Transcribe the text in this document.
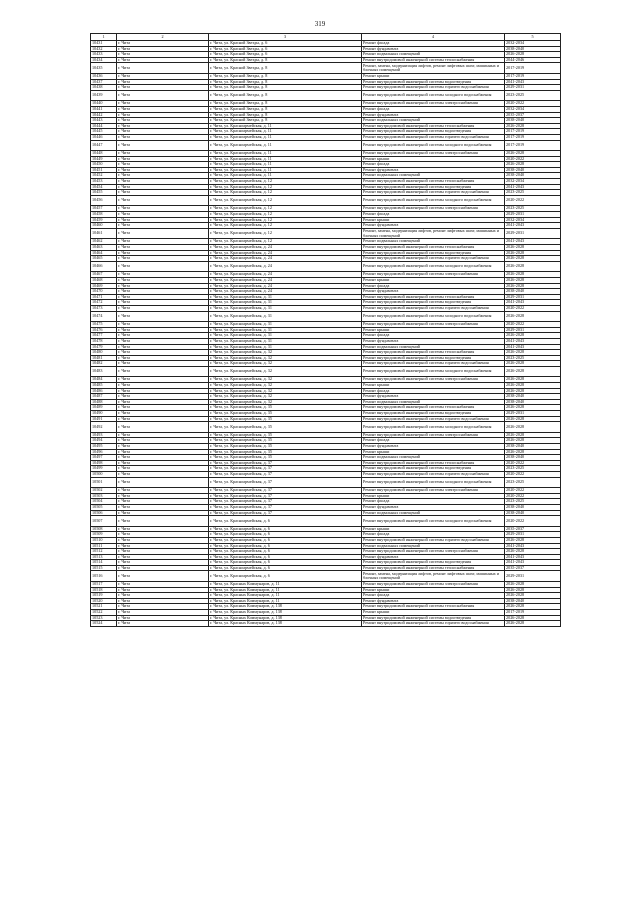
319
1	2	3	4	5
10431	г. Чита	г. Чита, ул. Красной Звезды, д. 6	Ремонт фасада	2032-2034
10432	г. Чита	г. Чита, ул. Красной Звезды, д. 6	Ремонт фундамента	2038-2040
10433	г. Чита	г. Чита, ул. Красной Звезды, д. 6	Ремонт подвальных помещений	2026-2028
10434	г. Чита	г. Чита, ул. Красной Звезды, д. 8	Ремонт внутридомовой инженерной системы теплоснабжения	2044-2046
10435	г. Чита	г. Чита, ул. Красной Звезды, д. 8	Ремонт, замена, модернизация лифтов, ремонт лифтовых шахт, машинных и блочных помещений	2017-2019
10436	г. Чита	г. Чита, ул. Красной Звезды, д. 8	Ремонт крыши	2017-2019
10437	г. Чита	г. Чита, ул. Красной Звезды, д. 8	Ремонт внутридомовой инженерной системы водоотведения	2041-2043
10438	г. Чита	г. Чита, ул. Красной Звезды, д. 8	Ремонт внутридомовой инженерной системы горячего водоснабжения	2029-2031
10439	г. Чита	г. Чита, ул. Красной Звезды, д. 8	Ремонт внутридомовой инженерной системы холодного водоснабжения	2023-2025
10440	г. Чита	г. Чита, ул. Красной Звезды, д. 8	Ремонт внутридомовой инженерной системы электроснабжения	2020-2022
10441	г. Чита	г. Чита, ул. Красной Звезды, д. 8	Ремонт фасада	2032-2034
10442	г. Чита	г. Чита, ул. Красной Звезды, д. 8	Ремонт фундамента	2035-2037
10443	г. Чита	г. Чита, ул. Красной Звезды, д. 8	Ремонт подвальных помещений	2038-2040
10444	г. Чита	г. Чита, ул. Красноармейская, д. 11	Ремонт внутридомовой инженерной системы теплоснабжения	2026-2028
10445	г. Чита	г. Чита, ул. Красноармейская, д. 11	Ремонт внутридомовой инженерной системы водоотведения	2017-2019
10446	г. Чита	г. Чита, ул. Красноармейская, д. 11	Ремонт внутридомовой инженерной системы горячего водоснабжения	2017-2019
10447	г. Чита	г. Чита, ул. Красноармейская, д. 11	Ремонт внутридомовой инженерной системы холодного водоснабжения	2017-2019
10448	г. Чита	г. Чита, ул. Красноармейская, д. 11	Ремонт внутридомовой инженерной системы электроснабжения	2026-2028
10449	г. Чита	г. Чита, ул. Красноармейская, д. 11	Ремонт крыши	2020-2022
10450	г. Чита	г. Чита, ул. Красноармейская, д. 11	Ремонт фасада	2026-2028
10451	г. Чита	г. Чита, ул. Красноармейская, д. 11	Ремонт фундамента	2038-2040
10452	г. Чита	г. Чита, ул. Красноармейская, д. 11	Ремонт подвальных помещений	2038-2040
10453	г. Чита	г. Чита, ул. Красноармейская, д. 12	Ремонт внутридомовой инженерной системы теплоснабжения	2032-2034
10454	г. Чита	г. Чита, ул. Красноармейская, д. 12	Ремонт внутридомовой инженерной системы водоотведения	2041-2043
10455	г. Чита	г. Чита, ул. Красноармейская, д. 12	Ремонт внутридомовой инженерной системы горячего водоснабжения	2023-2025
10456	г. Чита	г. Чита, ул. Красноармейская, д. 12	Ремонт внутридомовой инженерной системы холодного водоснабжения	2020-2022
10457	г. Чита	г. Чита, ул. Красноармейская, д. 12	Ремонт внутридомовой инженерной системы электроснабжения	2023-2025
10458	г. Чита	г. Чита, ул. Красноармейская, д. 12	Ремонт фасада	2029-2031
10459	г. Чита	г. Чита, ул. Красноармейская, д. 12	Ремонт крыши	2032-2034
10460	г. Чита	г. Чита, ул. Красноармейская, д. 12	Ремонт фундамента	2041-2043
10461	г. Чита	г. Чита, ул. Красноармейская, д. 12	Ремонт, замена, модернизация лифтов, ремонт лифтовых шахт, машинных и блочных помещений	2029-2031
10462	г. Чита	г. Чита, ул. Красноармейская, д. 12	Ремонт подвальных помещений	2041-2043
10463	г. Чита	г. Чита, ул. Красноармейская, д. 24	Ремонт внутридомовой инженерной системы теплоснабжения	2026-2028
10464	г. Чита	г. Чита, ул. Красноармейская, д. 24	Ремонт внутридомовой инженерной системы водоотведения	2026-2028
10465	г. Чита	г. Чита, ул. Красноармейская, д. 24	Ремонт внутридомовой инженерной системы горячего водоснабжения	2026-2028
10466	г. Чита	г. Чита, ул. Красноармейская, д. 24	Ремонт внутридомовой инженерной системы холодного водоснабжения	2026-2028
10467	г. Чита	г. Чита, ул. Красноармейская, д. 24	Ремонт внутридомовой инженерной системы электроснабжения	2026-2028
10468	г. Чита	г. Чита, ул. Красноармейская, д. 24	Ремонт крыши	2026-2028
10469	г. Чита	г. Чита, ул. Красноармейская, д. 24	Ремонт фасада	2026-2028
10470	г. Чита	г. Чита, ул. Красноармейская, д. 24	Ремонт фундамента	2038-2040
10471	г. Чита	г. Чита, ул. Красноармейская, д. 31	Ремонт внутридомовой инженерной системы теплоснабжения	2029-2031
10472	г. Чита	г. Чита, ул. Красноармейская, д. 31	Ремонт внутридомовой инженерной системы водоотведения	2041-2043
10473	г. Чита	г. Чита, ул. Красноармейская, д. 31	Ремонт внутридомовой инженерной системы горячего водоснабжения	2020-2022
10474	г. Чита	г. Чита, ул. Красноармейская, д. 31	Ремонт внутридомовой инженерной системы холодного водоснабжения	2026-2028
10475	г. Чита	г. Чита, ул. Красноармейская, д. 31	Ремонт внутридомовой инженерной системы электроснабжения	2020-2022
10476	г. Чита	г. Чита, ул. Красноармейская, д. 31	Ремонт крыши	2029-2031
10477	г. Чита	г. Чита, ул. Красноармейская, д. 31	Ремонт фасада	2026-2028
10478	г. Чита	г. Чита, ул. Красноармейская, д. 31	Ремонт фундамента	2041-2043
10479	г. Чита	г. Чита, ул. Красноармейская, д. 31	Ремонт подвальных помещений	2041-2043
10480	г. Чита	г. Чита, ул. Красноармейская, д. 32	Ремонт внутридомовой инженерной системы теплоснабжения	2026-2028
10481	г. Чита	г. Чита, ул. Красноармейская, д. 32	Ремонт внутридомовой инженерной системы водоотведения	2023-2025
10482	г. Чита	г. Чита, ул. Красноармейская, д. 32	Ремонт внутридомовой инженерной системы горячего водоснабжения	2026-2028
10483	г. Чита	г. Чита, ул. Красноармейская, д. 32	Ремонт внутридомовой инженерной системы холодного водоснабжения	2026-2028
10484	г. Чита	г. Чита, ул. Красноармейская, д. 32	Ремонт внутридомовой инженерной системы электроснабжения	2026-2028
10485	г. Чита	г. Чита, ул. Красноармейская, д. 32	Ремонт крыши	2026-2028
10486	г. Чита	г. Чита, ул. Красноармейская, д. 32	Ремонт фасада	2026-2028
10487	г. Чита	г. Чита, ул. Красноармейская, д. 32	Ремонт фундамента	2038-2040
10488	г. Чита	г. Чита, ул. Красноармейская, д. 32	Ремонт подвальных помещений	2038-2040
10489	г. Чита	г. Чита, ул. Красноармейская, д. 35	Ремонт внутридомовой инженерной системы теплоснабжения	2026-2028
10490	г. Чита	г. Чита, ул. Красноармейская, д. 35	Ремонт внутридомовой инженерной системы водоотведения	2029-2031
10491	г. Чита	г. Чита, ул. Красноармейская, д. 35	Ремонт внутридомовой инженерной системы горячего водоснабжения	2026-2028
10492	г. Чита	г. Чита, ул. Красноармейская, д. 35	Ремонт внутридомовой инженерной системы холодного водоснабжения	2026-2028
10493	г. Чита	г. Чита, ул. Красноармейская, д. 35	Ремонт внутридомовой инженерной системы электроснабжения	2026-2028
10494	г. Чита	г. Чита, ул. Красноармейская, д. 35	Ремонт фасада	2026-2028
10495	г. Чита	г. Чита, ул. Красноармейская, д. 35	Ремонт фундамента	2038-2040
10496	г. Чита	г. Чита, ул. Красноармейская, д. 35	Ремонт крыши	2026-2028
10497	г. Чита	г. Чита, ул. Красноармейская, д. 35	Ремонт подвальных помещений	2038-2040
10498	г. Чита	г. Чита, ул. Красноармейская, д. 37	Ремонт внутридомовой инженерной системы теплоснабжения	2020-2022
10499	г. Чита	г. Чита, ул. Красноармейская, д. 37	Ремонт внутридомовой инженерной системы водоотведения	2023-2025
10500	г. Чита	г. Чита, ул. Красноармейская, д. 37	Ремонт внутридомовой инженерной системы горячего водоснабжения	2020-2022
10501	г. Чита	г. Чита, ул. Красноармейская, д. 37	Ремонт внутридомовой инженерной системы холодного водоснабжения	2023-2025
10502	г. Чита	г. Чита, ул. Красноармейская, д. 37	Ремонт внутридомовой инженерной системы электроснабжения	2020-2022
10503	г. Чита	г. Чита, ул. Красноармейская, д. 37	Ремонт крыши	2020-2022
10504	г. Чита	г. Чита, ул. Красноармейская, д. 37	Ремонт фасада	2023-2025
10505	г. Чита	г. Чита, ул. Красноармейская, д. 37	Ремонт фундамента	2038-2040
10506	г. Чита	г. Чита, ул. Красноармейская, д. 37	Ремонт подвальных помещений	2038-2040
10507	г. Чита	г. Чита, ул. Красноармейская, д. 6	Ремонт внутридомовой инженерной системы холодного водоснабжения	2020-2022
10508	г. Чита	г. Чита, ул. Красноармейская, д. 6	Ремонт крыши	2035-2037
10509	г. Чита	г. Чита, ул. Красноармейская, д. 6	Ремонт фасада	2029-2031
10510	г. Чита	г. Чита, ул. Красноармейская, д. 6	Ремонт внутридомовой инженерной системы горячего водоснабжения	2026-2028
10511	г. Чита	г. Чита, ул. Красноармейская, д. 6	Ремонт подвальных помещений	2041-2043
10512	г. Чита	г. Чита, ул. Красноармейская, д. 6	Ремонт внутридомовой инженерной системы электроснабжения	2026-2028
10513	г. Чита	г. Чита, ул. Красноармейская, д. 6	Ремонт фундамента	2041-2043
10514	г. Чита	г. Чита, ул. Красноармейская, д. 6	Ремонт внутридомовой инженерной системы водоотведения	2041-2043
10515	г. Чита	г. Чита, ул. Красноармейская, д. 6	Ремонт внутридомовой инженерной системы теплоснабжения	2035-2037
10516	г. Чита	г. Чита, ул. Красноармейская, д. 6	Ремонт, замена, модернизация лифтов, ремонт лифтовых шахт, машинных и блочных помещений	2029-2031
10517	г. Чита	г. Чита, ул. Красных Коммунаров, д. 11	Ремонт внутридомовой инженерной системы электроснабжения	2026-2028
10518	г. Чита	г. Чита, ул. Красных Коммунаров, д. 11	Ремонт крыши	2026-2028
10519	г. Чита	г. Чита, ул. Красных Коммунаров, д. 11	Ремонт фасада	2026-2028
10520	г. Чита	г. Чита, ул. Красных Коммунаров, д. 11	Ремонт фундамента	2038-2040
10521	г. Чита	г. Чита, ул. Красных Коммунаров, д. 138	Ремонт внутридомовой инженерной системы теплоснабжения	2026-2028
10522	г. Чита	г. Чита, ул. Красных Коммунаров, д. 138	Ремонт крыши	2017-2019
10523	г. Чита	г. Чита, ул. Красных Коммунаров, д. 138	Ремонт внутридомовой инженерной системы водоотведения	2026-2028
10524	г. Чита	г. Чита, ул. Красных Коммунаров, д. 138	Ремонт внутридомовой инженерной системы горячего водоснабжения	2026-2028
